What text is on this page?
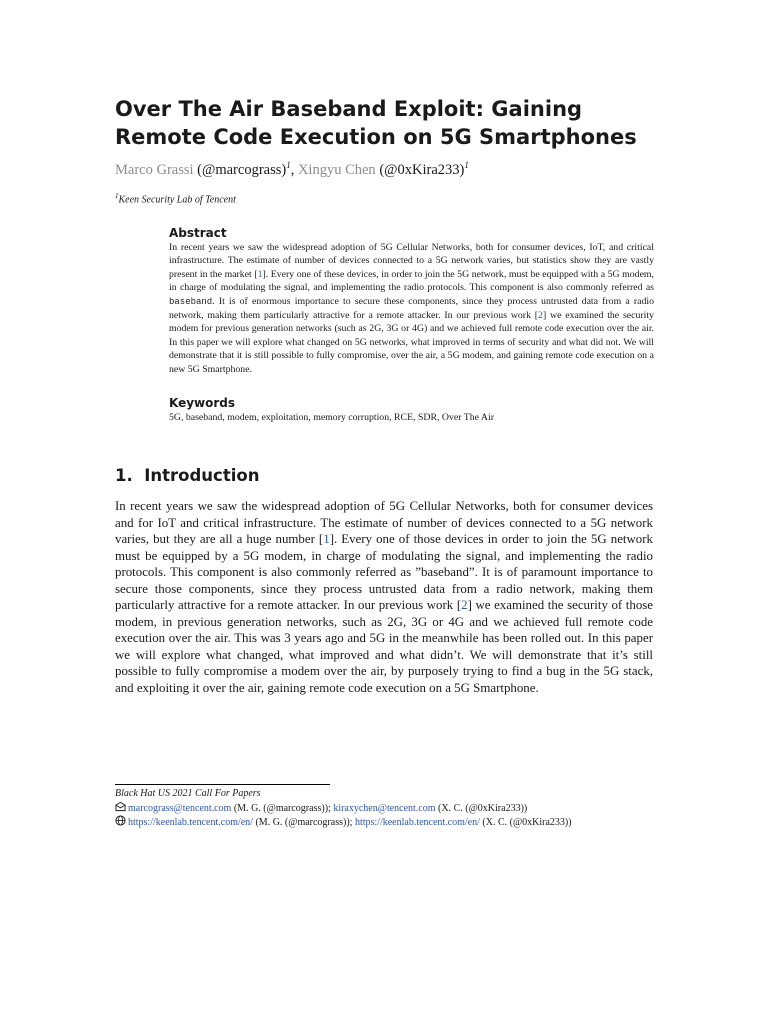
Over The Air Baseband Exploit: Gaining Remote Code Execution on 5G Smartphones
Marco Grassi (@marcograss)$^1$, Xingyu Chen (@0xKira233)$^1$
$^1$Keen Security Lab of Tencent
Abstract

In recent years we saw the widespread adoption of 5G Cellular Networks, both for consumer devices, IoT, and critical infrastructure. The estimate of number of devices connected to a 5G network varies, but statistics show they are vastly present in the market [1]. Every one of these devices, in order to join the 5G network, must be equipped with a 5G modem, in charge of modulating the signal, and implementing the radio protocols. This component is also commonly referred as baseband. It is of enormous importance to secure these components, since they process untrusted data from a radio network, making them particularly attractive for a remote attacker. In our previous work [2] we examined the security modem for previous generation networks (such as 2G, 3G or 4G) and we achieved full remote code execution over the air. In this paper we will explore what changed on 5G networks, what improved in terms of security and what did not. We will demonstrate that it is still possible to fully compromise, over the air, a 5G modem, and gaining remote code execution on a new 5G Smartphone.

Keywords

5G, baseband, modem, exploitation, memory corruption, RCE, SDR, Over The Air

1. Introduction

In recent years we saw the widespread adoption of 5G Cellular Networks, both for consumer devices and for IoT and critical infrastructure. The estimate of number of devices connected to a 5G network varies, but they are all a huge number [1]. Every one of those devices in order to join the 5G network must be equipped by a 5G modem, in charge of modulating the signal, and implementing the radio protocols. This component is also commonly referred as ”baseband”. It is of paramount importance to secure those components, since they process untrusted data from a radio network, making them particularly attractive for a remote attacker. In our previous work [2] we examined the security of those modem, in previous generation networks, such as 2G, 3G or 4G and we achieved full remote code execution over the air. This was 3 years ago and 5G in the meanwhile has been rolled out. In this paper we will explore what changed, what improved and what didn’t. We will demonstrate that it’s still possible to fully compromise a modem over the air, by purposely trying to find a bug in the 5G stack, and exploiting it over the air, gaining remote code execution on a 5G Smartphone.

Black Hat US 2021 Call For Papers

marcograss@tencent.com (M. G. (@marcograss)); kiraxychen@tencent.com (X. C. (@0xKira233))

https://keenlab.tencent.com/en/ (M. G. (@marcograss)); https://keenlab.tencent.com/en/ (X. C. (@0xKira233))
